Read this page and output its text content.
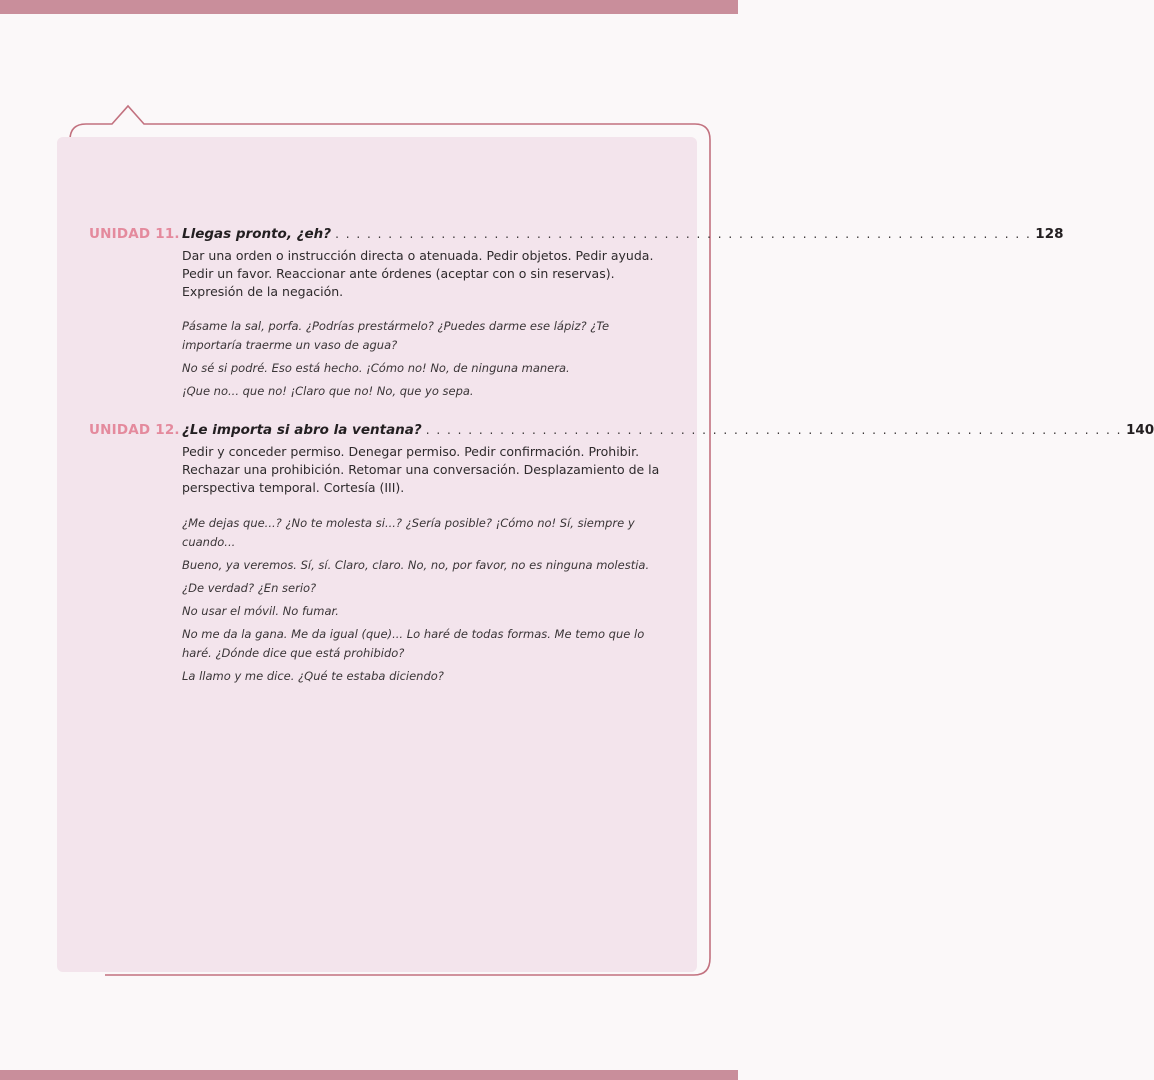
UNIDAD 11. Llegas pronto, ¿eh? . . . . . . . . . . . . . . . . . . . . . . . . . . . . . . . . . . . . . . . . . . . . . . . . . . . . . . . . . . . . . . . . . . 128
Dar una orden o instrucción directa o atenuada. Pedir objetos. Pedir ayuda. Pedir un favor. Reaccionar ante órdenes (aceptar con o sin reservas). Expresión de la negación.

Pásame la sal, porfa. ¿Podrías prestármelo? ¿Puedes darme ese lápiz? ¿Te importaría traerme un vaso de agua?

No sé si podré. Eso está hecho. ¡Cómo no! No, de ninguna manera.

¡Que no... que no! ¡Claro que no! No, que yo sepa.

UNIDAD 12. ¿Le importa si abro la ventana? . . . . . . . . . . . . . . . . . . . . . . . . . . . . . . . . . . . . . . . . . . . . . . . . . . . . . . . . . . . . . . . . . . 140
Pedir y conceder permiso. Denegar permiso. Pedir confirmación. Prohibir. Rechazar una prohibición. Retomar una conversación. Desplazamiento de la perspectiva temporal. Cortesía (III).

¿Me dejas que...? ¿No te molesta si...? ¿Sería posible? ¡Cómo no! Sí, siempre y cuando...

Bueno, ya veremos. Sí, sí. Claro, claro. No, no, por favor, no es ninguna molestia.

¿De verdad? ¿En serio?

No usar el móvil. No fumar.

No me da la gana. Me da igual (que)... Lo haré de todas formas. Me temo que lo haré. ¿Dónde dice que está prohibido?

La llamo y me dice. ¿Qué te estaba diciendo?
